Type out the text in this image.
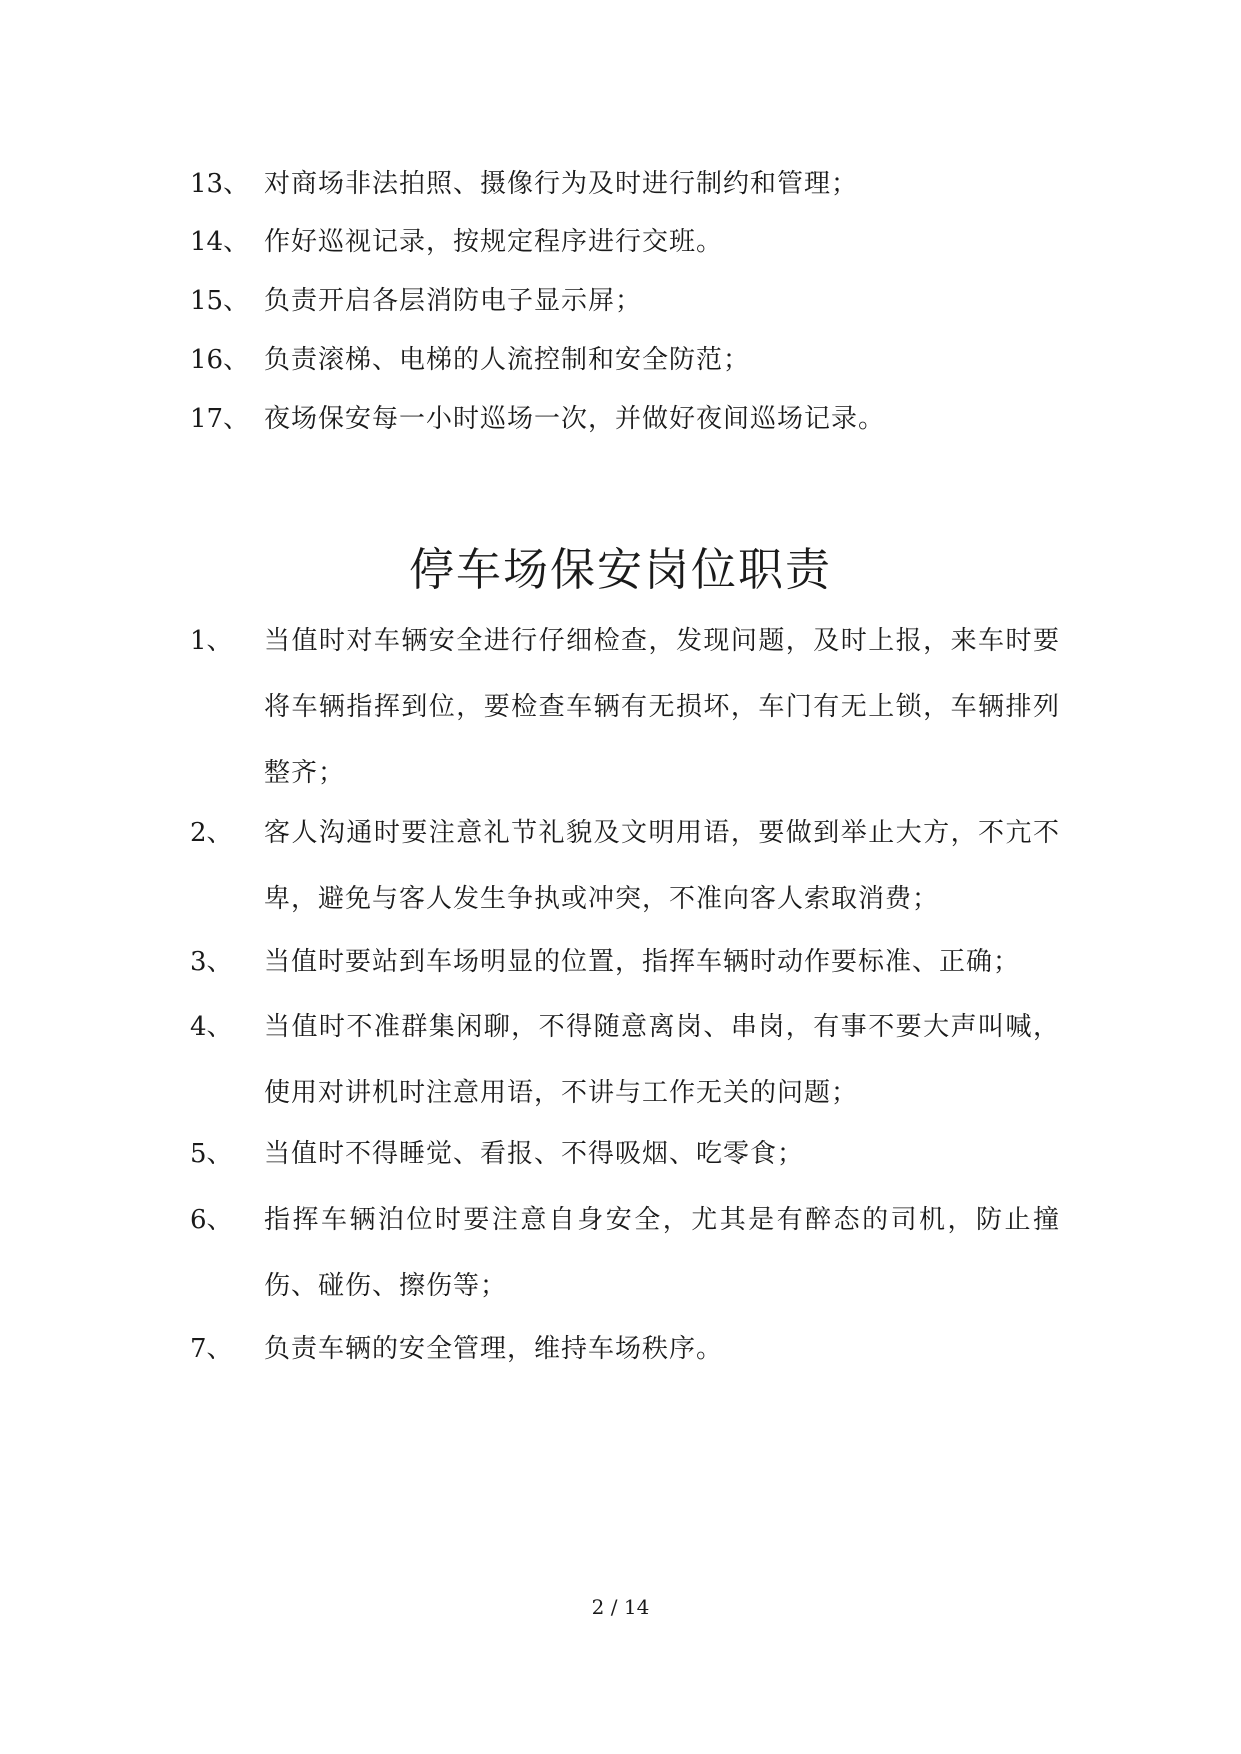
13、 对商场非法拍照、摄像行为及时进行制约和管理；
14、 作好巡视记录，按规定程序进行交班。
15、 负责开启各层消防电子显示屏；
16、 负责滚梯、电梯的人流控制和安全防范；
17、 夜场保安每一小时巡场一次，并做好夜间巡场记录。
停车场保安岗位职责
1、 当值时对车辆安全进行仔细检查，发现问题，及时上报，来车时要将车辆指挥到位，要检查车辆有无损坏，车门有无上锁，车辆排列整齐；
2、 客人沟通时要注意礼节礼貌及文明用语，要做到举止大方，不亢不卑，避免与客人发生争执或冲突，不准向客人索取消费；
3、 当值时要站到车场明显的位置，指挥车辆时动作要标准、正确；
4、 当值时不准群集闲聊，不得随意离岗、串岗，有事不要大声叫喊，使用对讲机时注意用语，不讲与工作无关的问题；
5、 当值时不得睡觉、看报、不得吸烟、吃零食；
6、 指挥车辆泊位时要注意自身安全，尤其是有醉态的司机，防止撞伤、碰伤、擦伤等；
7、 负责车辆的安全管理，维持车场秩序。
2 / 14
